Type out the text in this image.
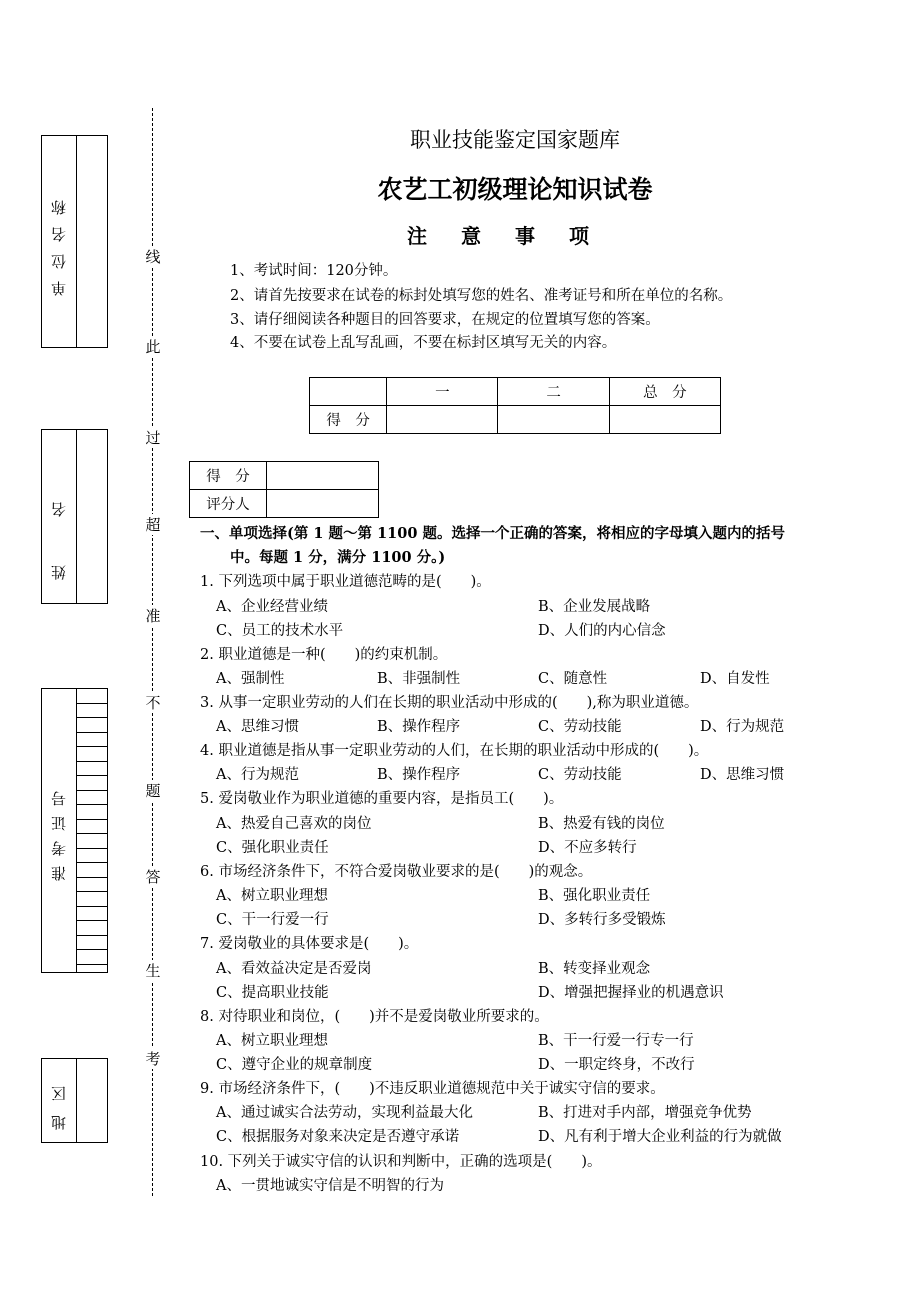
单位名称
姓名
准考证号
地区
线
此
过
超
准
不
题
答
生
考
职业技能鉴定国家题库
农艺工初级理论知识试卷
注意事项
1、考试时间：120分钟。
2、请首先按要求在试卷的标封处填写您的姓名、准考证号和所在单位的名称。
3、请仔细阅读各种题目的回答要求，在规定的位置填写您的答案。
4、不要在试卷上乱写乱画，不要在标封区填写无关的内容。
	一	二	总　分
得　分			
得　分	
评分人	
一、单项选择(第 1 题～第 1100 题。选择一个正确的答案，将相应的字母填入题内的括号
中。每题 1 分，满分 1100 分。)
1. 下列选项中属于职业道德范畴的是(　　)。
A、企业经营业绩	B、企业发展战略
C、员工的技术水平	D、人们的内心信念
2. 职业道德是一种(　　)的约束机制。
A、强制性	B、非强制性	C、随意性	D、自发性
3. 从事一定职业劳动的人们在长期的职业活动中形成的(　　),称为职业道德。
A、思维习惯	B、操作程序	C、劳动技能	D、行为规范
4. 职业道德是指从事一定职业劳动的人们，在长期的职业活动中形成的(　　)。
A、行为规范	B、操作程序	C、劳动技能	D、思维习惯
5. 爱岗敬业作为职业道德的重要内容，是指员工(　　)。
A、热爱自己喜欢的岗位	B、热爱有钱的岗位
C、强化职业责任	D、不应多转行
6. 市场经济条件下，不符合爱岗敬业要求的是(　　)的观念。
A、树立职业理想	B、强化职业责任
C、干一行爱一行	D、多转行多受锻炼
7. 爱岗敬业的具体要求是(　　)。
A、看效益决定是否爱岗	B、转变择业观念
C、提高职业技能	D、增强把握择业的机遇意识
8. 对待职业和岗位，(　　)并不是爱岗敬业所要求的。
A、树立职业理想	B、干一行爱一行专一行
C、遵守企业的规章制度	D、一职定终身，不改行
9. 市场经济条件下，(　　)不违反职业道德规范中关于诚实守信的要求。
A、通过诚实合法劳动，实现利益最大化	B、打进对手内部，增强竞争优势
C、根据服务对象来决定是否遵守承诺	D、凡有利于增大企业利益的行为就做
10. 下列关于诚实守信的认识和判断中，正确的选项是(　　)。
A、一贯地诚实守信是不明智的行为
